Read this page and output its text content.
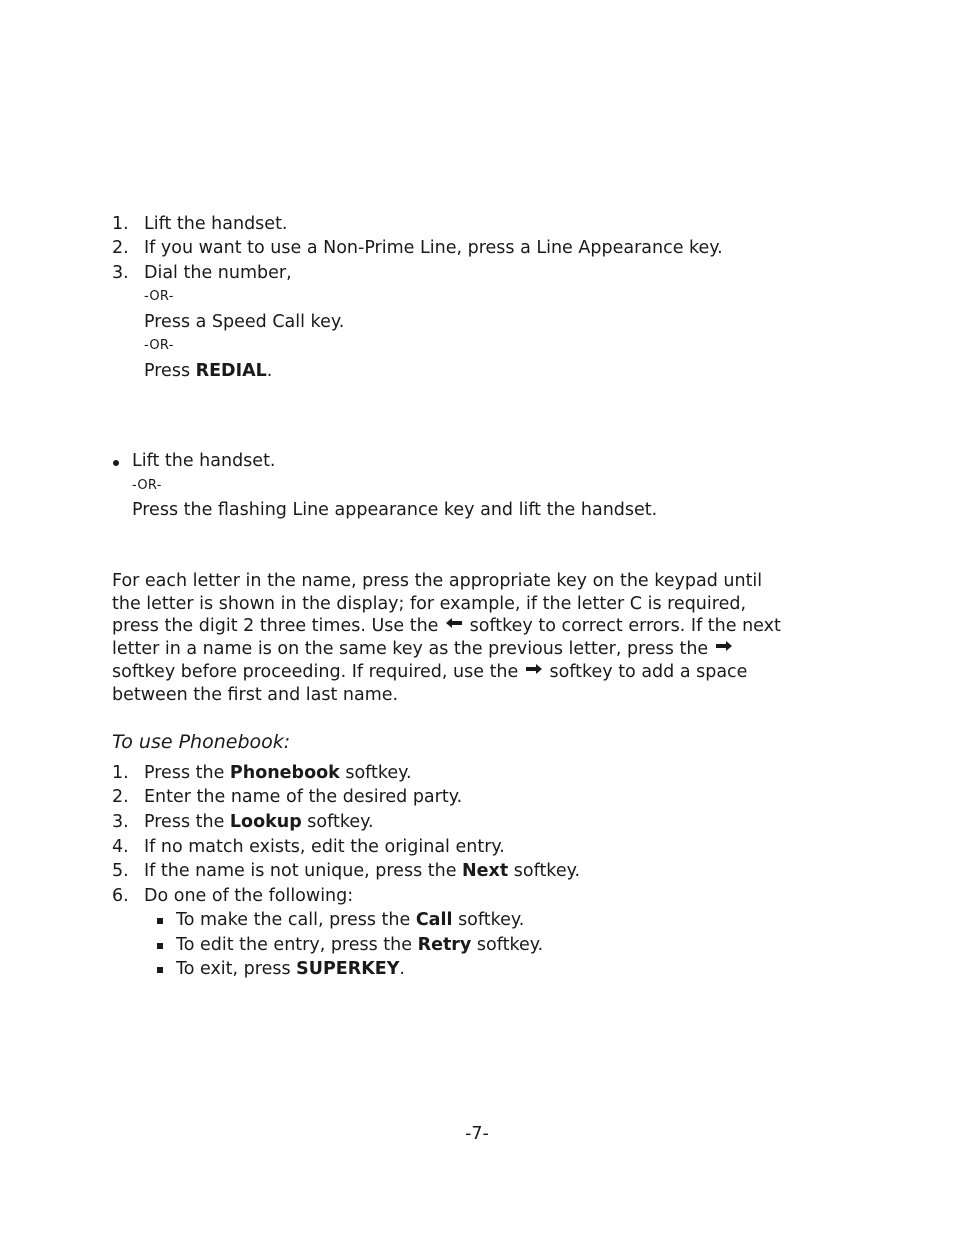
1. Lift the handset.
2. If you want to use a Non-Prime Line, press a Line Appearance key.
3. Dial the number,
-OR-
Press a Speed Call key.
-OR-
Press REDIAL.
Lift the handset.
-OR-
Press the flashing Line appearance key and lift the handset.
For each letter in the name, press the appropriate key on the keypad until
the letter is shown in the display; for example, if the letter C is required,
press the digit 2 three times. Use the softkey to correct errors. If the next
letter in a name is on the same key as the previous letter, press the
softkey before proceeding. If required, use the softkey to add a space
between the first and last name.
To use Phonebook:
1. Press the Phonebook softkey.
2. Enter the name of the desired party.
3. Press the Lookup softkey.
4. If no match exists, edit the original entry.
5. If the name is not unique, press the Next softkey.
6. Do one of the following:
To make the call, press the Call softkey.
To edit the entry, press the Retry softkey.
To exit, press SUPERKEY.
-7-
